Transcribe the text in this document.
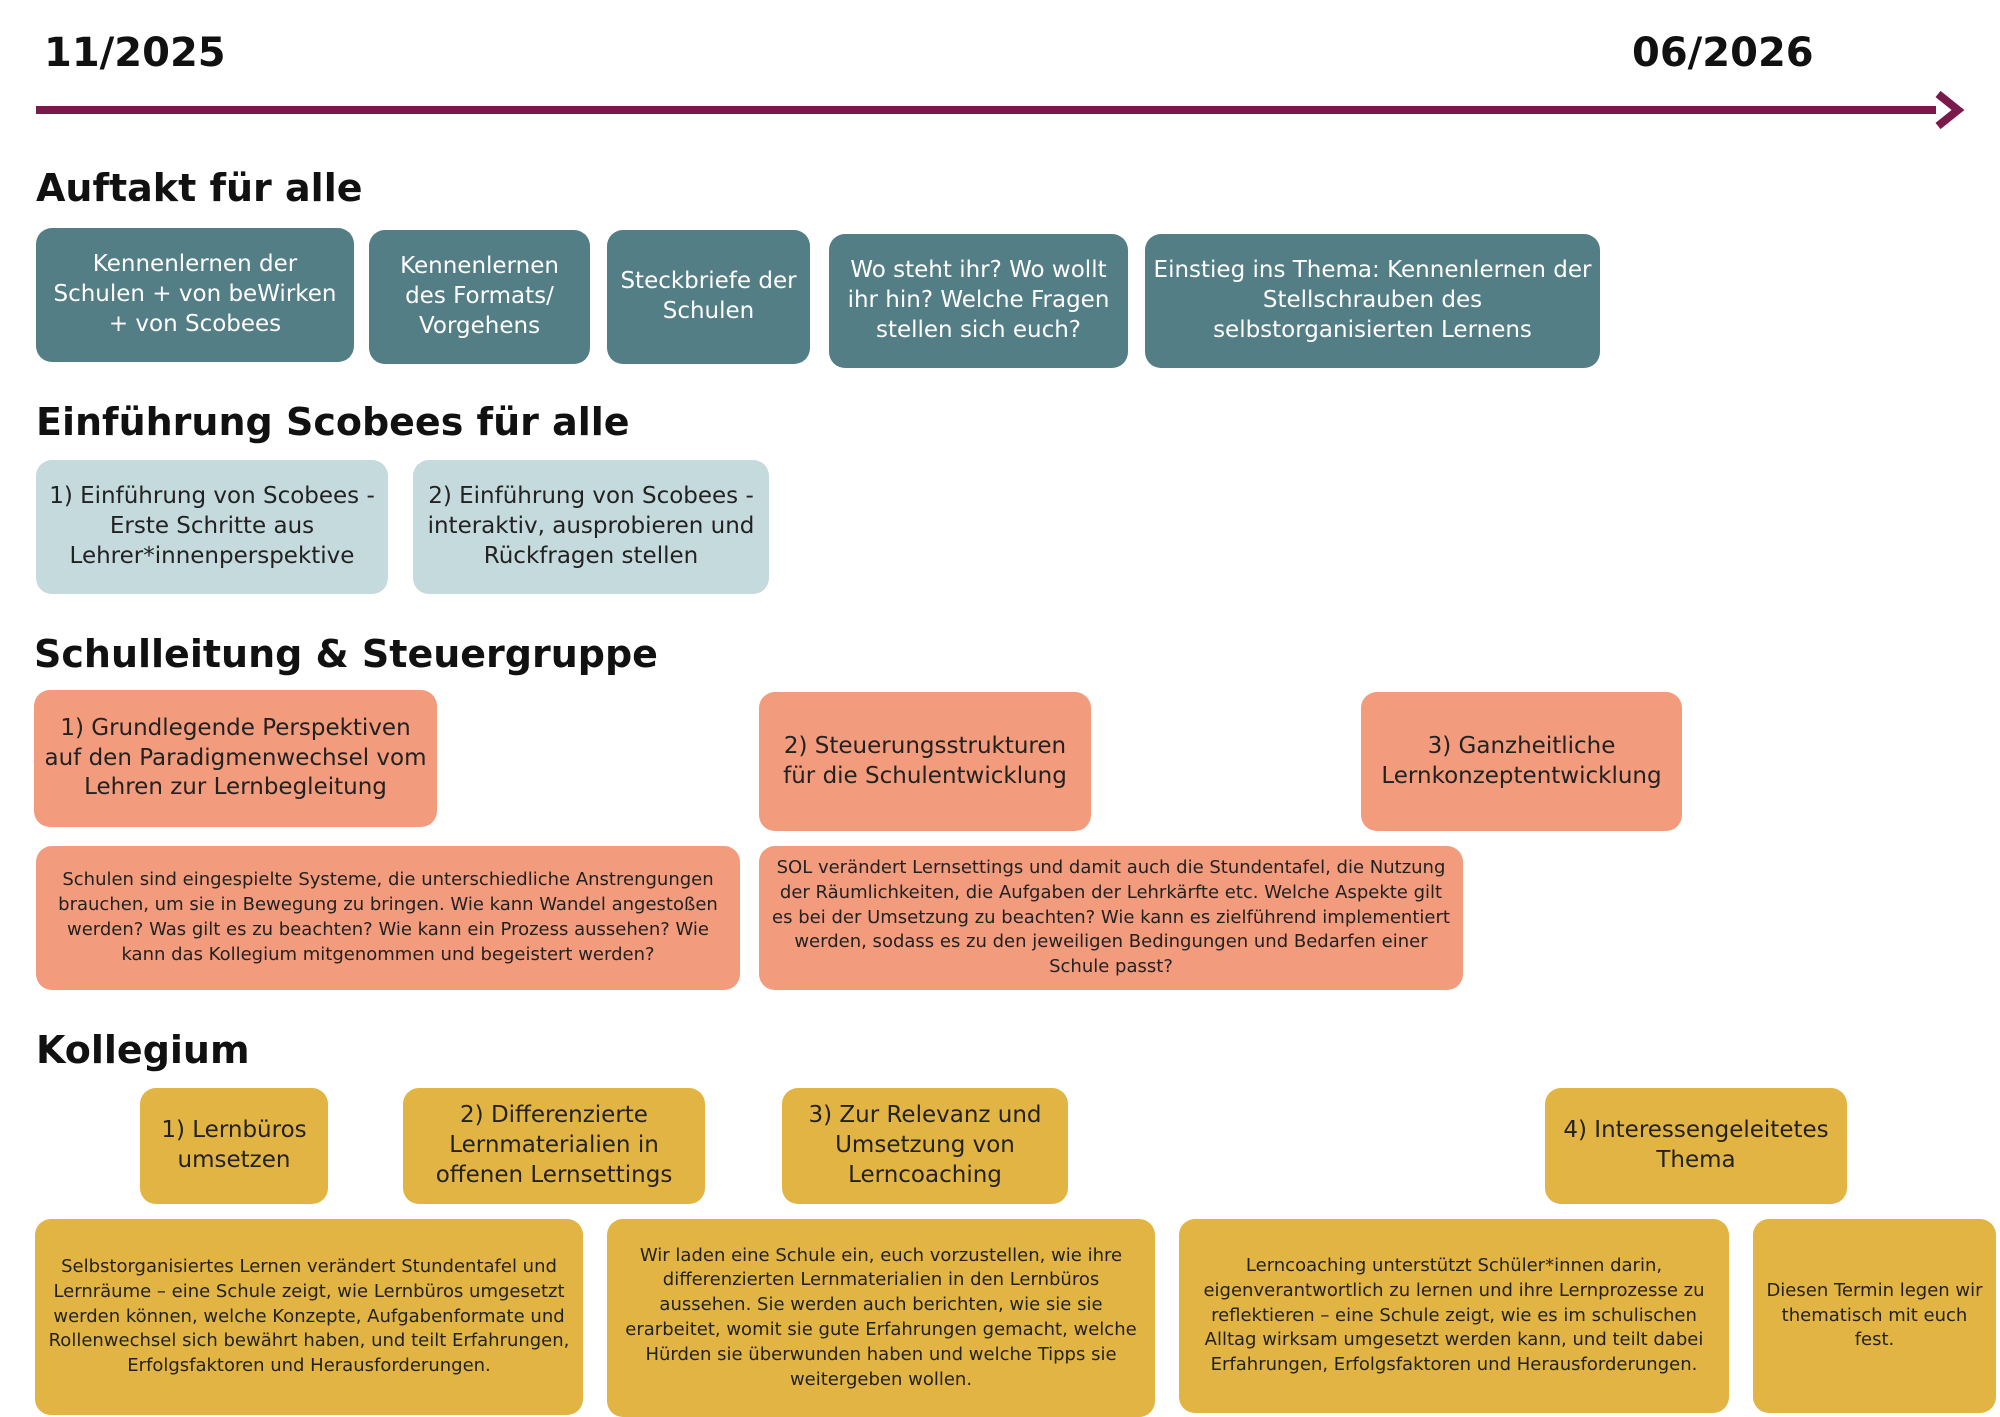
11/2025	06/2026
Auftakt für alle
Kennenlernen der Schulen + von beWirken + von Scobees
Kennenlernen des Formats/ Vorgehens
Steckbriefe der Schulen
Wo steht ihr? Wo wollt ihr hin? Welche Fragen stellen sich euch?
Einstieg ins Thema: Kennenlernen der Stellschrauben des selbstorganisierten Lernens
Einführung Scobees für alle
1) Einführung von Scobees - Erste Schritte aus Lehrer*innenperspektive
2) Einführung von Scobees - interaktiv, ausprobieren und Rückfragen stellen
Schulleitung & Steuergruppe
1) Grundlegende Perspektiven auf den Paradigmenwechsel vom Lehren zur Lernbegleitung
2) Steuerungsstrukturen für die Schulentwicklung
3) Ganzheitliche Lernkonzeptentwicklung
Schulen sind eingespielte Systeme, die unterschiedliche Anstrengungen brauchen, um sie in Bewegung zu bringen. Wie kann Wandel angestoßen werden? Was gilt es zu beachten? Wie kann ein Prozess aussehen? Wie kann das Kollegium mitgenommen und begeistert werden?
SOL verändert Lernsettings und damit auch die Stundentafel, die Nutzung der Räumlichkeiten, die Aufgaben der Lehrkärfte etc. Welche Aspekte gilt es bei der Umsetzung zu beachten? Wie kann es zielführend implementiert werden, sodass es zu den jeweiligen Bedingungen und Bedarfen einer Schule passt?
Kollegium
1) Lernbüros umsetzen
2) Differenzierte Lernmaterialien in offenen Lernsettings
3) Zur Relevanz und Umsetzung von Lerncoaching
4) Interessengeleitetes Thema
Selbstorganisiertes Lernen verändert Stundentafel und Lernräume – eine Schule zeigt, wie Lernbüros umgesetzt werden können, welche Konzepte, Aufgabenformate und Rollenwechsel sich bewährt haben, und teilt Erfahrungen, Erfolgsfaktoren und Herausforderungen.
Wir laden eine Schule ein, euch vorzustellen, wie ihre differenzierten Lernmaterialien in den Lernbüros aussehen. Sie werden auch berichten, wie sie sie erarbeitet, womit sie gute Erfahrungen gemacht, welche Hürden sie überwunden haben und welche Tipps sie weitergeben wollen.
Lerncoaching unterstützt Schüler*innen darin, eigenverantwortlich zu lernen und ihre Lernprozesse zu reflektieren – eine Schule zeigt, wie es im schulischen Alltag wirksam umgesetzt werden kann, und teilt dabei Erfahrungen, Erfolgsfaktoren und Herausforderungen.
Diesen Termin legen wir thematisch mit euch fest.
